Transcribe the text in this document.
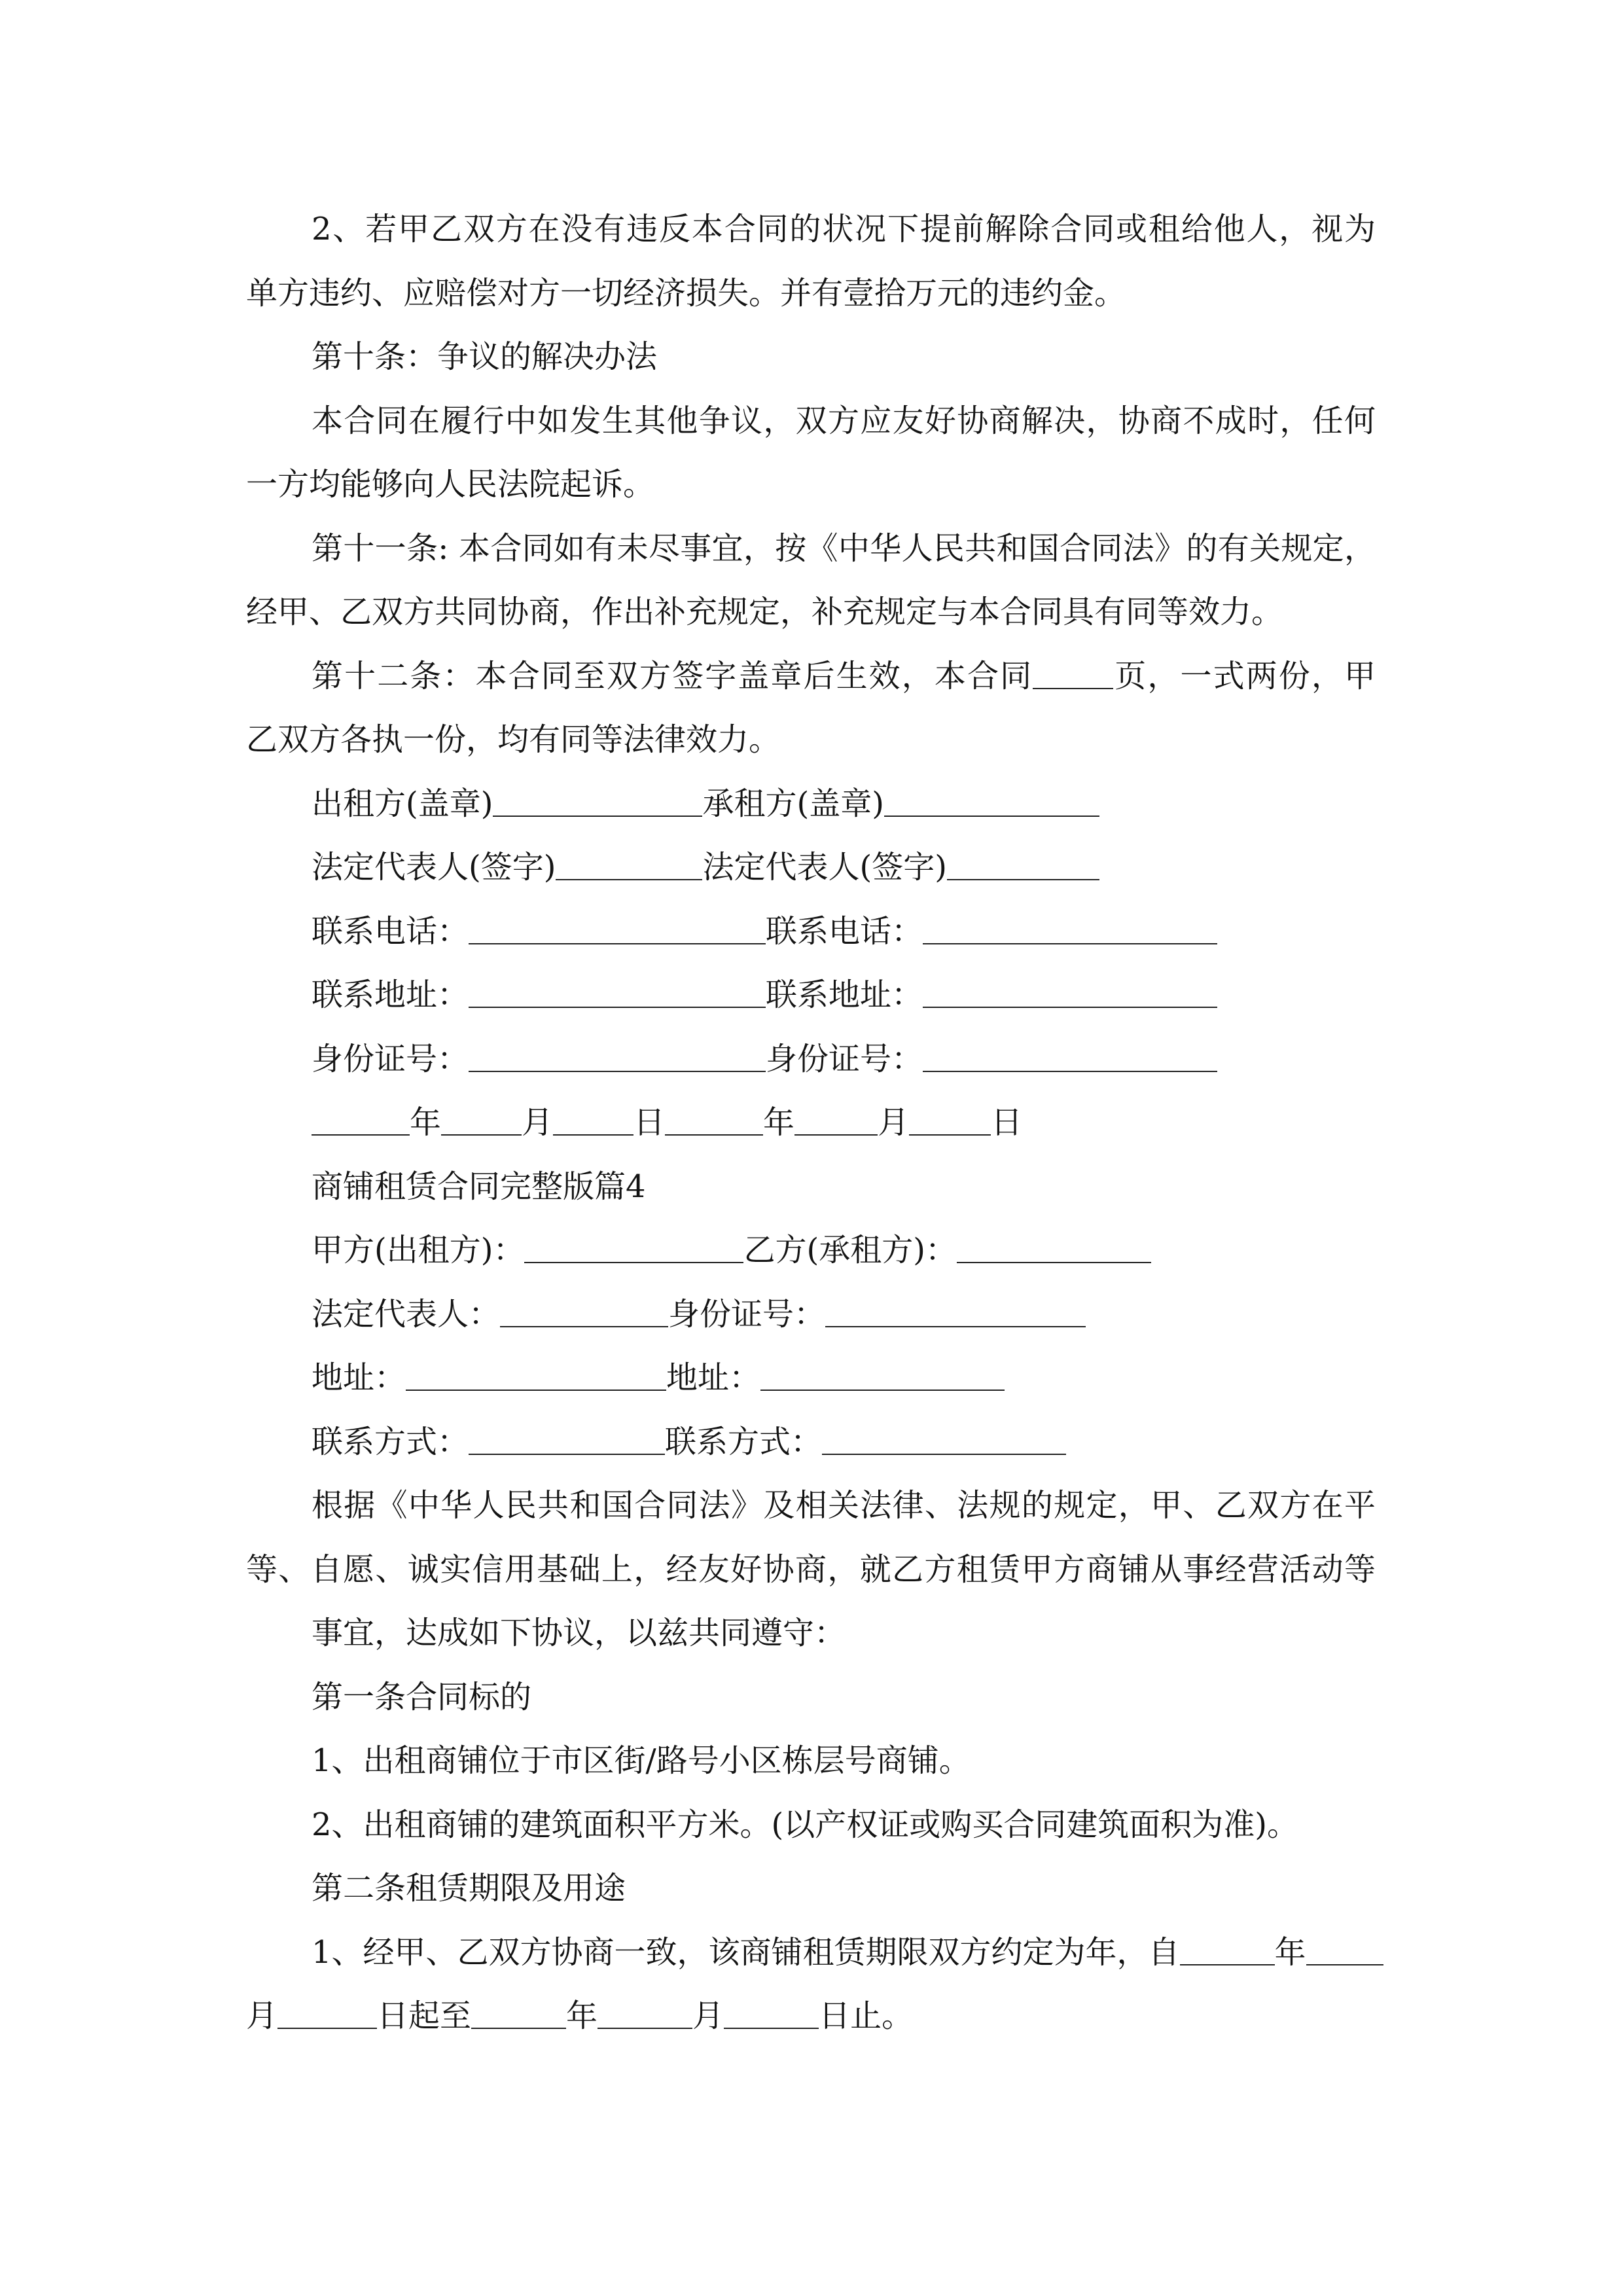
2、若甲乙双方在没有违反本合同的状况下提前解除合同或租给他人，视为
单方违约、应赔偿对方一切经济损失。并有壹拾万元的违约金。
第十条：争议的解决办法
本合同在履行中如发生其他争议，双方应友好协商解决，协商不成时，任何
一方均能够向人民法院起诉。
第十一条: 本合同如有未尽事宜，按《中华人民共和国合同法》的有关规定，
经甲、乙双方共同协商，作出补充规定，补充规定与本合同具有同等效力。
第十二条：本合同至双方签字盖章后生效，本合同	页，一式两份，甲
乙双方各执一份，均有同等法律效力。
出租方(盖章)	承租方(盖章)
法定代表人(签字)	法定代表人(签字)
联系电话：	联系电话：
联系地址：	联系地址：
身份证号：	身份证号：
年	月	日	年	月	日
商铺租赁合同完整版篇4
甲方(出租方)：	乙方(承租方)：
法定代表人：	身份证号：
地址：	地址：
联系方式：	联系方式：
根据《中华人民共和国合同法》及相关法律、法规的规定，甲、乙双方在平
等、自愿、诚实信用基础上，经友好协商，就乙方租赁甲方商铺从事经营活动等
事宜，达成如下协议，以兹共同遵守：
第一条合同标的
1、出租商铺位于市区街/路号小区栋层号商铺。
2、出租商铺的建筑面积平方米。(以产权证或购买合同建筑面积为准)。
第二条租赁期限及用途
1、经甲、乙双方协商一致，该商铺租赁期限双方约定为年，自	年
月	日起至	年	月	日止。
